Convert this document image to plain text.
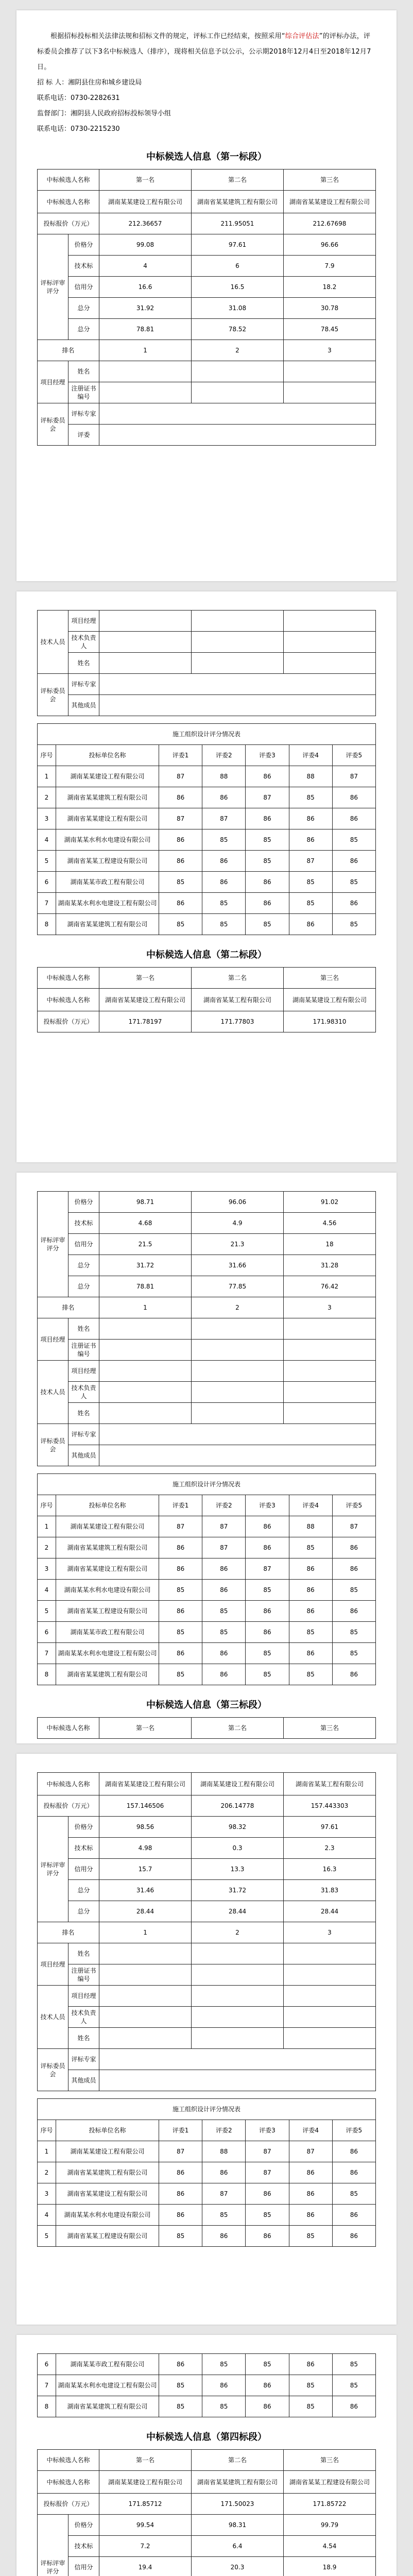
根据招标投标相关法律法规和招标文件的规定，评标工作已经结束，按照采用“综合评估法”的评标办法，评标委员会推荐了以下3名中标候选人（排序），现将相关信息予以公示，公示期2018年12月4日至2018年12月7日。

招 标 人：湘阴县住房和城乡建设局

联系电话：0730-2282631

监督部门：湘阴县人民政府招标投标领导小组

联系电话：0730-2215230

中标候选人信息（第一标段）
中标候选人名称		第一名	第二名	第三名
中标候选人名称		湖南某某建设工程有限公司	湖南省某某建筑工程有限公司	湖南省某某建设工程有限公司
投标报价（万元）		212.36657	211.95051	212.67698
评标评审评分	价格分	99.08	97.61	96.66
	技术标	4	6	7.9
	信用分	16.6	16.5	18.2
	总分	31.92	31.08	30.78
	总分	78.81	78.52	78.45
排名		1	2	3
项目经理	姓名			
	注册证书编号			
评标委员会	评标专家			
	评委			
技术人员	项目经理			
	技术负责人			
	姓名			
评标委员会	评标专家			
	其他成员			
施工组织设计评分情况表						
序号	投标单位名称	评委1	评委2	评委3	评委4	评委5
1	湖南某某建设工程有限公司	87	88	86	88	87
2	湖南省某某建筑工程有限公司	86	86	87	85	86
3	湖南省某某建设工程有限公司	87	87	86	86	86
4	湖南某某水利水电建设有限公司	86	85	85	86	85
5	湖南省某某工程建设有限公司	86	86	85	87	86
6	湖南某某市政工程有限公司	85	86	86	85	85
7	湖南某某水利水电建设工程有限公司	86	85	86	85	86
8	湖南省某某建筑工程有限公司	85	85	85	86	85
中标候选人信息（第二标段）
中标候选人名称	第一名	第二名	第三名
中标候选人名称	湖南省某某建设工程有限公司	湖南省某某工程有限公司	湖南某某建设工程有限公司
投标报价（万元）	171.78197	171.77803	171.98310
评标评审评分	价格分	98.71	96.06	91.02
	技术标	4.68	4.9	4.56
	信用分	21.5	21.3	18
	总分	31.72	31.66	31.28
	总分	78.81	77.85	76.42
排名		1	2	3
项目经理	姓名			
	注册证书编号			
技术人员	项目经理			
	技术负责人			
	姓名			
评标委员会	评标专家			
	其他成员			
施工组织设计评分情况表						
序号	投标单位名称	评委1	评委2	评委3	评委4	评委5
1	湖南某某建设工程有限公司	87	87	86	88	87
2	湖南省某某建筑工程有限公司	86	87	86	85	86
3	湖南省某某建设工程有限公司	86	86	87	86	86
4	湖南某某水利水电建设有限公司	85	86	85	86	85
5	湖南省某某工程建设有限公司	86	85	86	86	86
6	湖南某某市政工程有限公司	85	85	86	85	85
7	湖南某某水利水电建设工程有限公司	86	86	85	86	85
8	湖南省某某建筑工程有限公司	85	86	85	85	86
中标候选人信息（第三标段）
中标候选人名称	第一名	第二名	第三名
中标候选人名称		湖南省某某建设工程有限公司	湖南某某建设工程有限公司	湖南省某某工程有限公司
投标报价（万元）		157.146506	206.14778	157.443303
评标评审评分	价格分	98.56	98.32	97.61
	技术标	4.98	0.3	2.3
	信用分	15.7	13.3	16.3
	总分	31.46	31.72	31.83
	总分	28.44	28.44	28.44
排名		1	2	3
项目经理	姓名			
	注册证书编号			
技术人员	项目经理			
	技术负责人			
	姓名			
评标委员会	评标专家			
	其他成员			
施工组织设计评分情况表						
序号	投标单位名称	评委1	评委2	评委3	评委4	评委5
1	湖南某某建设工程有限公司	87	88	87	87	86
2	湖南省某某建筑工程有限公司	86	86	87	86	86
3	湖南省某某建设工程有限公司	86	87	86	86	85
4	湖南某某水利水电建设有限公司	86	85	85	86	86
5	湖南省某某工程建设有限公司	85	86	86	85	86
6	湖南某某市政工程有限公司	86	85	85	86	85
7	湖南某某水利水电建设工程有限公司	85	86	86	85	85
8	湖南省某某建筑工程有限公司	85	85	86	85	86
中标候选人信息（第四标段）
中标候选人名称		第一名	第二名	第三名
中标候选人名称		湖南某某建设工程有限公司	湖南省某某建筑工程有限公司	湖南省某某工程建设有限公司
投标报价（万元）		171.85712	171.50023	171.85722
评标评审评分	价格分	99.54	98.31	99.79
	技术标	7.2	6.4	4.54
	信用分	19.4	20.3	18.9
